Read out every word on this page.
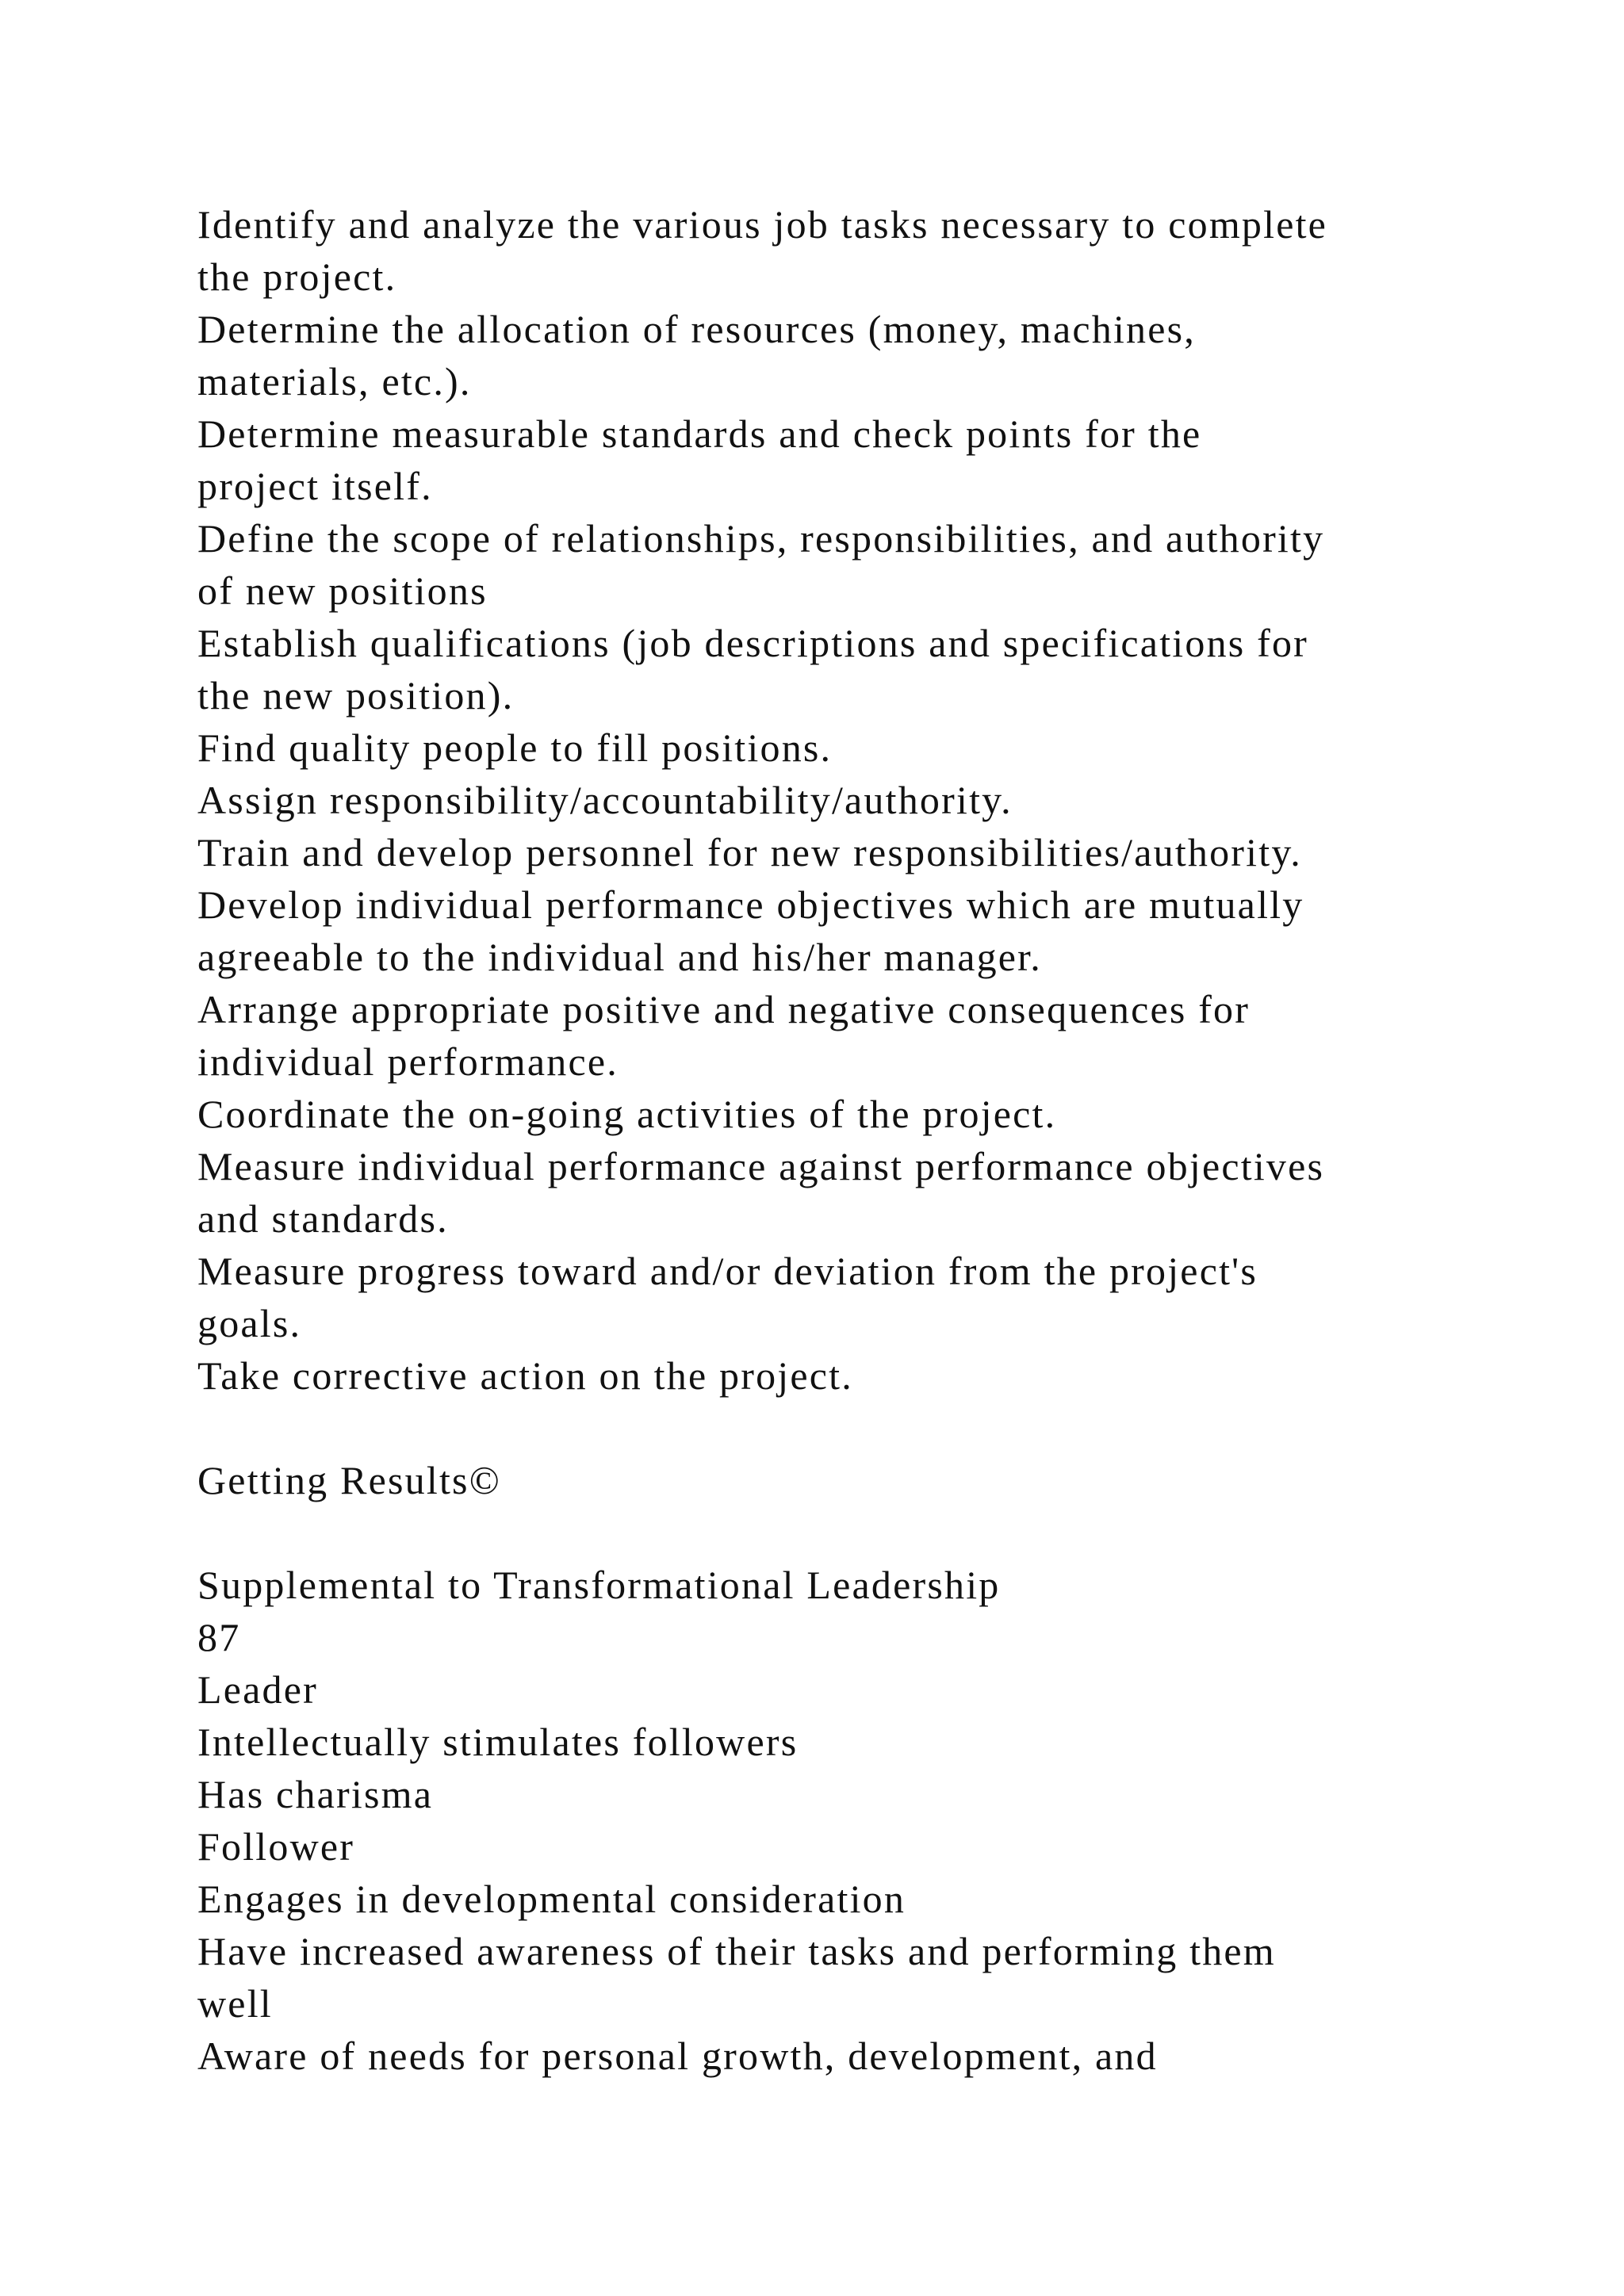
Identify and analyze the various job tasks necessary to complete
the project.
Determine the allocation of resources (money, machines,
materials, etc.).
Determine measurable standards and check points for the
project itself.
Define the scope of relationships, responsibilities, and authority
of new positions
Establish qualifications (job descriptions and specifications for
the new position).
Find quality people to fill positions.
Assign responsibility/accountability/authority.
Train and develop personnel for new responsibilities/authority.
Develop individual performance objectives which are mutually
agreeable to the individual and his/her manager.
Arrange appropriate positive and negative consequences for
individual performance.
Coordinate the on-going activities of the project.
Measure individual performance against performance objectives
and standards.
Measure progress toward and/or deviation from the project's
goals.
Take corrective action on the project.
Getting Results©
Supplemental to Transformational Leadership
87
Leader
Intellectually stimulates followers
Has charisma
Follower
Engages in developmental consideration
Have increased awareness of their tasks and performing them
well
Aware of needs for personal growth, development, and
